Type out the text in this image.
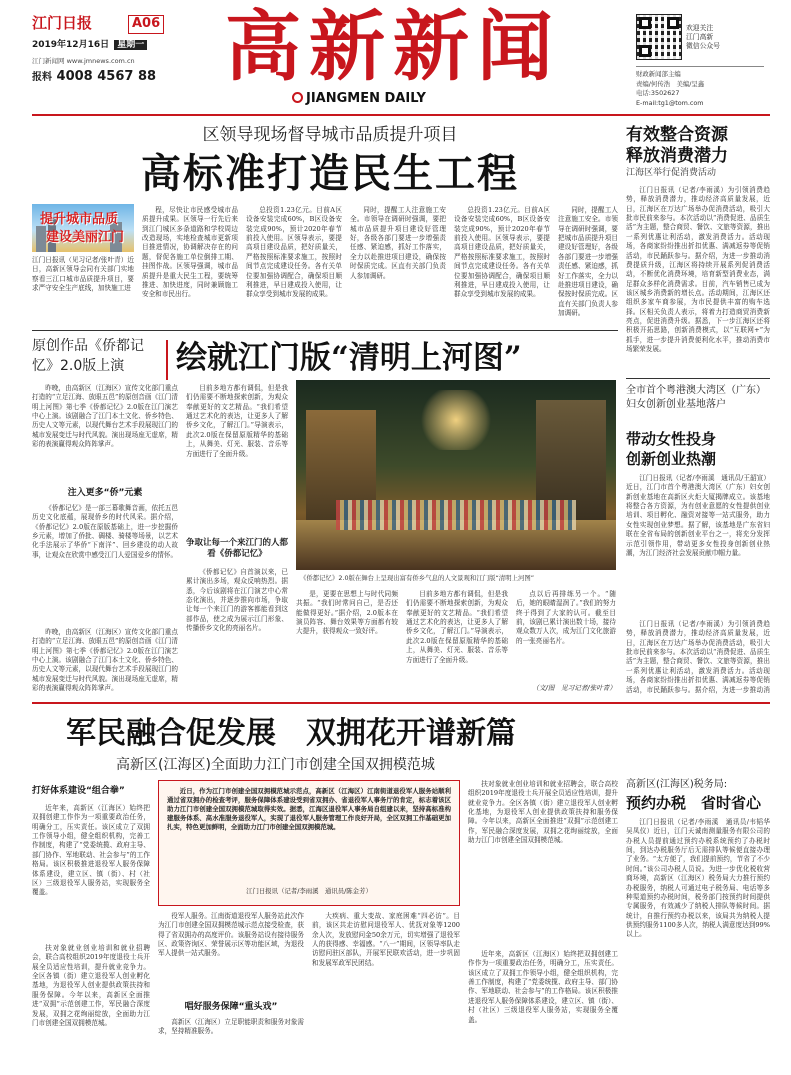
江门日报	A06
2019年12月16日 星期一
江门新闻网 www.jmnews.com.cn
报料 4008 4567 88 高新新闻
JIANGMEN DAILY
欢迎关注
江门高新
微信公众号
财政新闻部主编
责编/何传浩　美编/呈鑫
电话:3502627
E-mail:tg1@tom.com
区领导现场督导城市品质提升项目
高标准打造民生工程
提升城市品质
建设美丽江门
江门日报讯（见习记者/张叶青）近日，高新区领导会同有关部门实地察看三江口城市品质提升项目，要求严守安全生产底线，加快施工进
程，尽快让市民感受城市品质提升成果。区领导一行先后来到江门城区多条道路和学校周边改造现场，实地检查城市更新项目推进情况，协调解决存在的问题，督促各施工单位倒排工期、挂图作战。区领导强调，城市品质提升是重大民生工程，要统筹推进、加快进度，同时兼顾施工安全和市民出行。
总投资1.23亿元。目前A区设备安装完成60%，B区设备安装完成90%，预计2020年春节前投入使用。区领导表示，要提高项目建设品质，把好质量关，严格按照标准要求施工，按照时间节点完成建设任务。各有关单位要加强协调配合，确保项目顺利推进，早日建成投入使用，让群众享受到城市发展的成果。
同时，提醒工人注意施工安全。市领导在调研时强调，要把城市品质提升项目建设好管理好，各级各部门要进一步增强责任感、紧迫感，抓好工作落实，全力以赴推进项目建设，确保按时保质完成。区直有关部门负责人参加调研。
总投资1.23亿元。目前A区设备安装完成60%，B区设备安装完成90%，预计2020年春节前投入使用。区领导表示，要提高项目建设品质，把好质量关，严格按照标准要求施工，按照时间节点完成建设任务。各有关单位要加强协调配合，确保项目顺利推进，早日建成投入使用，让群众享受到城市发展的成果。
同时，提醒工人注意施工安全。市领导在调研时强调，要把城市品质提升项目建设好管理好，各级各部门要进一步增强责任感、紧迫感，抓好工作落实，全力以赴推进项目建设，确保按时保质完成。区直有关部门负责人参加调研。
有效整合资源
释放消费潜力
江海区举行促消费活动
江门日报讯（记者/李雨溪）为引领消费趋势，释放消费潜力，推动经济高质量发展，近日，江海区在万达广场举办促消费活动，吸引大批市民前来参与。本次活动以“消费促进、品质生活”为主题，整合商贸、餐饮、文旅等资源，推出一系列优惠让利活动，激发消费活力。活动现场，各商家纷纷推出折扣优惠、满减返券等促销活动，市民踊跃参与。据介绍，为进一步推动消费提质升级，江海区将持续开展系列促消费活动，不断优化消费环境，培育新型消费业态，满足群众多样化消费需求。目前，汽车销售已成为该区城乡消费新的增长点。活动期间，江海区还组织多家车商参展，为市民提供丰富的购车选择。区相关负责人表示，将着力打造商贸消费新亮点，促进消费升级。据悉，下一步江海区还将积极开拓思路，创新消费模式，以“互联网+”为抓手，进一步提升消费便利化水平，推动消费市场繁荣发展。
原创作品《侨都记忆》2.0版上演	绘就江门版“清明上河图”
昨晚，由高新区（江海区）宣传文化部门重点打造的“立足江海、放眼五邑”的原创音画《江门清明上河图》第七季《侨都记忆》2.0版在江门演艺中心上演。该剧融合了江门本土文化、侨乡特色、历史人文等元素，以现代舞台艺术手段展现江门的城市发展变迁与时代风貌。演出现场座无虚席，精彩的表演赢得观众阵阵掌声。
注入更多“侨”元素
《侨都记忆》是一部三幕歌舞音画，依托五邑历史文化底蕴，展现侨乡的时代风采。据介绍，《侨都记忆》2.0版在原版基础上，进一步挖掘侨乡元素，增加了侨批、碉楼、骑楼等场景，以艺术化手法展示了华侨“下南洋”、回乡建设的动人故事，让观众在欣赏中感受江门人爱国爱乡的情怀。
昨晚，由高新区（江海区）宣传文化部门重点打造的“立足江海、放眼五邑”的原创音画《江门清明上河图》第七季《侨都记忆》2.0版在江门演艺中心上演。该剧融合了江门本土文化、侨乡特色、历史人文等元素，以现代舞台艺术手段展现江门的城市发展变迁与时代风貌。演出现场座无虚席，精彩的表演赢得观众阵阵掌声。
目前多地方都有调侃，但是我们仍需要不断地探索创新，为观众奉献更好的文艺精品。“我们希望通过艺术化的表达，让更多人了解侨乡文化，了解江门。”导演表示，此次2.0版在保留原版精华的基础上，从舞美、灯光、服装、音乐等方面进行了全面升级。
争取让每一个来江门的人都看《侨都记忆》
《侨都记忆》自首演以来，已累计演出多场，观众反响热烈。据悉，今后该剧将在江门演艺中心常态化演出，并逐步推向市场，争取让每一个来江门的游客都能看到这部作品，使之成为展示江门形象、传播侨乡文化的亮丽名片。
《侨都记忆》2.0版在舞台上呈现出富有侨乡气息的人文景观和江门版“清明上河图”
是，更要在思想上与时代同频共振。“我们时常问自己，是否还能做得更好。”据介绍，2.0版本在演员阵容、舞台效果等方面都有较大提升，获得观众一致好评。
目前多地方都有调侃，但是我们仍需要不断地探索创新，为观众奉献更好的文艺精品。“我们希望通过艺术化的表达，让更多人了解侨乡文化，了解江门。”导演表示，此次2.0版在保留原版精华的基础上，从舞美、灯光、服装、音乐等方面进行了全面升级。
点以后再排练另一个。“随后，她的眼睛湿润了。”我们的努力终于得到了大家的认可。截至目前，该剧已累计演出数十场，接待观众数万人次，成为江门文化旅游的一张亮丽名片。
（文/图　见习记者/张叶青）
全市首个粤港澳大湾区（广东）妇女创新创业基地落户
带动女性投身
创新创业热潮
江门日报讯（记者/李雨溪　通讯员/王韶宣）近日，江门市首个粤港澳大湾区（广东）妇女创新创业基地在高新区火炬大厦揭牌成立。该基地将整合各方资源，为有创业意愿的女性提供创业培训、项目孵化、融资对接等一站式服务，助力女性实现创业梦想。据了解，该基地是广东省妇联在全省布局的创新创业平台之一，将充分发挥示范引领作用，带动更多女性投身创新创业热潮，为江门经济社会发展贡献巾帼力量。
江门日报讯（记者/李雨溪）为引领消费趋势，释放消费潜力，推动经济高质量发展，近日，江海区在万达广场举办促消费活动，吸引大批市民前来参与。本次活动以“消费促进、品质生活”为主题，整合商贸、餐饮、文旅等资源，推出一系列优惠让利活动，激发消费活力。活动现场，各商家纷纷推出折扣优惠、满减返券等促销活动，市民踊跃参与。据介绍，为进一步推动消
军民融合促发展　双拥花开谱新篇
高新区(江海区)全面助力江门市创建全国双拥模范城
打好体系建设“组合拳”
近年来，高新区（江海区）始终把双拥创建工作作为一项重要政治任务，明确分工，压实责任。该区成立了双拥工作领导小组，健全组织机构，完善工作制度，构建了“党委统揽、政府主导、部门协作、军地联动、社会参与”的工作格局。该区积极推进退役军人服务保障体系建设，建立区、镇（街）、村（社区）三级退役军人服务站，实现服务全覆盖。
扶对象就业创业培训和就业招聘会，联合高校组织2019年度退役士兵开展全员适应性培训，提升就业竞争力。全区各镇（街）建立退役军人创业孵化基地，为退役军人创业提供政策扶持和服务保障。今年以来，高新区全面推进“双拥”示范创建工作，军民融合深度发展，双拥之花绚丽绽放，全面助力江门市创建全国双拥模范城。
近日，作为江门市创建全国双拥模范城示范点，高新区（江海区）江南街道退役军人服务站顺利通过省双拥办的检查考评，服务保障体系建设受到省双拥办、省退役军人事务厅的肯定，标志着该区助力江门市创建全国双拥模范城取得实效。据悉，江海区退役军人事务局自组建以来，坚持高标准构建服务体系、高水准服务退役军人，实现了退役军人服务管理工作良好开局，全区双拥工作基础更加扎实，特色更加鲜明，全面助力江门市创建全国双拥模范城。
江门日报讯（记者/李雨溪　通讯员/陈金芳）
役军人服务。江南街道退役军人服务站此次作为江门市创建全国双拥模范城示范点接受检查，获得了省双拥办的高度评价。该服务站设有接待服务区、政策咨询区、荣誉展示区等功能区域，为退役军人提供一站式服务。
唱好服务保障“重头戏”
高新区（江海区）立足职能职责和服务对象需求，坚持精准服务。
大疾病、重大变故、家庭困难“四必访”。目前，该区共走访慰问退役军人、优抚对象等1200余人次，发放慰问金50余万元，切实增强了退役军人的获得感、幸福感。“八一”期间，区领导率队走访慰问驻区部队，开展军民联欢活动，进一步巩固和发展军政军民团结。
扶对象就业创业培训和就业招聘会，联合高校组织2019年度退役士兵开展全员适应性培训，提升就业竞争力。全区各镇（街）建立退役军人创业孵化基地，为退役军人创业提供政策扶持和服务保障。今年以来，高新区全面推进“双拥”示范创建工作，军民融合深度发展，双拥之花绚丽绽放，全面助力江门市创建全国双拥模范城。
近年来，高新区（江海区）始终把双拥创建工作作为一项重要政治任务，明确分工，压实责任。该区成立了双拥工作领导小组，健全组织机构，完善工作制度，构建了“党委统揽、政府主导、部门协作、军地联动、社会参与”的工作格局。该区积极推进退役军人服务保障体系建设，建立区、镇（街）、村（社区）三级退役军人服务站，实现服务全覆盖。
高新区(江海区)税务局:
预约办税　省时省心
江门日报讯（记者/李雨溪　通讯员/韦韬华　吴凤仪）近日，江门天诚南测量服务有限公司的办税人员提前通过预约办税系统预约了办税时间，到达办税服务厅后无需排队等候便直接办理了业务。“太方便了，我们提前预约，节省了不少时间。”该公司办税人员说。为进一步优化税收营商环境，高新区（江海区）税务局大力推行预约办税服务，纳税人可通过电子税务局、电话等多种渠道预约办税时间，税务部门按预约时间提供专属服务，有效减少了纳税人排队等候时间。据统计，自推行预约办税以来，该局共为纳税人提供预约服务1100多人次，纳税人满意度达到99%以上。
